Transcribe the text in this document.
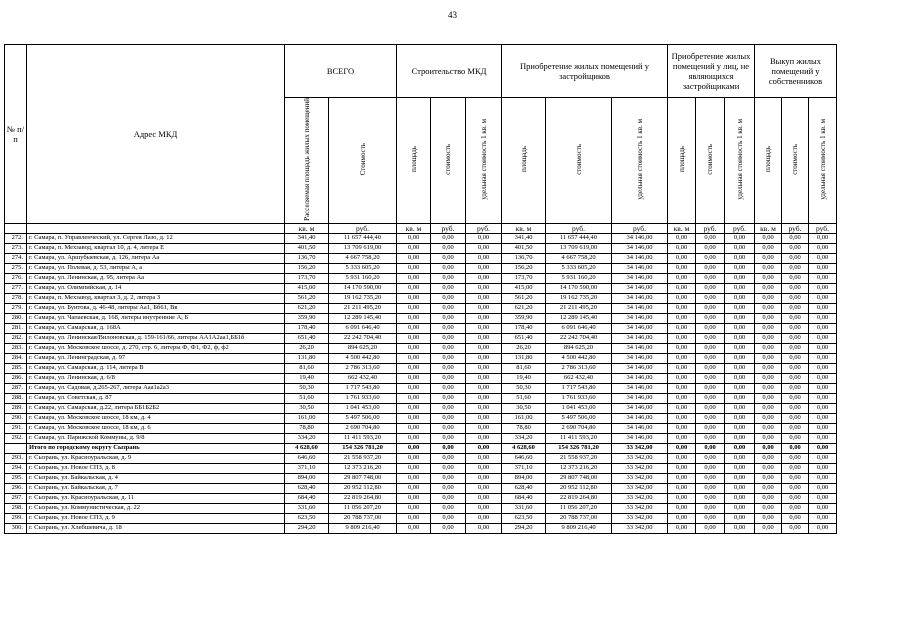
43
№ п/п	Адрес МКД	ВСЕГО		Строительство МКД			Приобретение жилых помещений у застройщиков			Приобретение жилых помещений у лиц, не являющихся застройщиками			Выкуп жилых помещений у собственников		
		Расселяемая площадь жилых помещений	Стоимость	площадь	стоимость	удельная стоимость 1 кв. м	площадь	стоимость	удельная стоимость 1 кв. м	площадь	стоимость	удельная стоимость 1 кв. м	площадь	стоимость	удельная стоимость 1 кв. м
		кв. м	руб.	кв. м	руб.	руб.	кв. м	руб.	руб.	кв. м	руб.	руб.	кв. м	руб.	руб.
272.	г. Самара, п. Управленческий, ул. Сергея Лазо, д. 12	341,40	11 657 444,40	0,00	0,00	0,00	341,40	11 657 444,40	34 146,00	0,00	0,00	0,00	0,00	0,00	0,00
273.	г. Самара, п. Мехзавод, квартал 10, д. 4, литера Е	401,50	13 709 619,00	0,00	0,00	0,00	401,50	13 709 619,00	34 146,00	0,00	0,00	0,00	0,00	0,00	0,00
274.	г. Самара, ул. Аршубыевская, д. 126, литера Аа	136,70	4 667 758,20	0,00	0,00	0,00	136,70	4 667 758,20	34 146,00	0,00	0,00	0,00	0,00	0,00	0,00
275.	г. Самара, ул. Полевая, д. 53, литеры А, а	156,20	5 333 605,20	0,00	0,00	0,00	156,20	5 333 605,20	34 146,00	0,00	0,00	0,00	0,00	0,00	0,00
276.	г. Самара, ул. Ленинская, д. 95, литера Аа	173,70	5 931 160,20	0,00	0,00	0,00	173,70	5 931 160,20	34 146,00	0,00	0,00	0,00	0,00	0,00	0,00
277.	г. Самара, ул. Олимпийская, д. 14	415,00	14 170 590,00	0,00	0,00	0,00	415,00	14 170 590,00	34 146,00	0,00	0,00	0,00	0,00	0,00	0,00
278.	г. Самара, п. Мехзавод, квартал 3, д. 2, литера З	561,20	19 162 735,20	0,00	0,00	0,00	561,20	19 162 735,20	34 146,00	0,00	0,00	0,00	0,00	0,00	0,00
279.	г. Самара, ул. Бунтова, д. 46-48, литеры Аа1, Бб61, Вв	621,20	21 211 495,20	0,00	0,00	0,00	621,20	21 211 495,20	34 146,00	0,00	0,00	0,00	0,00	0,00	0,00
280.	г. Самара, ул. Чапаевская, д. 168, литеры внутренние А, Б	359,90	12 289 145,40	0,00	0,00	0,00	359,90	12 289 145,40	34 146,00	0,00	0,00	0,00	0,00	0,00	0,00
281.	г. Самара, ул. Самарская, д. 168А	178,40	6 091 646,40	0,00	0,00	0,00	178,40	6 091 646,40	34 146,00	0,00	0,00	0,00	0,00	0,00	0,00
282.	г. Самара, ул. Ленинская/Вилоновская, д. 159-161/66, литеры АА1А2аа1,ББ1б	651,40	22 242 704,40	0,00	0,00	0,00	651,40	22 242 704,40	34 146,00	0,00	0,00	0,00	0,00	0,00	0,00
283.	г. Самара, ул. Московское шоссе, д. 270, стр. 6, литеры Ф, Ф1, Ф2, ф, ф2	26,20	894 625,20	0,00	0,00	0,00	26,20	894 625,20	34 146,00	0,00	0,00	0,00	0,00	0,00	0,00
284.	г. Самара, ул. Ленинградская, д. 97	131,80	4 500 442,80	0,00	0,00	0,00	131,80	4 500 442,80	34 146,00	0,00	0,00	0,00	0,00	0,00	0,00
285.	г. Самара, ул. Самарская, д. 114, литера В	81,60	2 786 313,60	0,00	0,00	0,00	81,60	2 786 313,60	34 146,00	0,00	0,00	0,00	0,00	0,00	0,00
286.	г. Самара, ул. Ленинская, д. 6/8	19,40	662 432,40	0,00	0,00	0,00	19,40	662 432,40	34 146,00	0,00	0,00	0,00	0,00	0,00	0,00
287.	г. Самара, ул. Садовая, д.265-267, литера Ааа1а2а3	50,30	1 717 543,80	0,00	0,00	0,00	50,30	1 717 543,80	34 146,00	0,00	0,00	0,00	0,00	0,00	0,00
288.	г. Самара, ул. Советская, д. 87	51,60	1 761 933,60	0,00	0,00	0,00	51,60	1 761 933,60	34 146,00	0,00	0,00	0,00	0,00	0,00	0,00
289.	г. Самара, ул. Самарская, д.22, литера ББ1Б2Б2	30,50	1 041 453,00	0,00	0,00	0,00	30,50	1 041 453,00	34 146,00	0,00	0,00	0,00	0,00	0,00	0,00
290.	г. Самара, ул. Московское шоссе, 18 км, д. 4	161,00	5 497 506,00	0,00	0,00	0,00	161,00	5 497 506,00	34 146,00	0,00	0,00	0,00	0,00	0,00	0,00
291.	г. Самара, ул. Московское шоссе, 18 км, д. 6	78,80	2 690 704,80	0,00	0,00	0,00	78,80	2 690 704,80	34 146,00	0,00	0,00	0,00	0,00	0,00	0,00
292.	г. Самара, ул. Парижской Коммуны, д. 9/8	334,20	11 411 593,20	0,00	0,00	0,00	334,20	11 411 593,20	34 146,00	0,00	0,00	0,00	0,00	0,00	0,00
	Итого по городскому округу Сызрань	4 628,60	154 326 781,20	0,00	0,00	0,00	4 628,60	154 326 781,20	33 342,00	0,00	0,00	0,00	0,00	0,00	0,00
293.	г. Сызрань, ул. Красноуральская, д. 9	646,60	21 558 937,20	0,00	0,00	0,00	646,60	21 558 937,20	33 342,00	0,00	0,00	0,00	0,00	0,00	0,00
294.	г. Сызрань, ул. Новое СПЗ, д. 8	371,10	12 373 216,20	0,00	0,00	0,00	371,10	12 373 216,20	33 342,00	0,00	0,00	0,00	0,00	0,00	0,00
295.	г. Сызрань, ул. Байкальская, д. 4	894,00	29 807 748,00	0,00	0,00	0,00	894,00	29 807 748,00	33 342,00	0,00	0,00	0,00	0,00	0,00	0,00
296.	г. Сызрань, ул. Байкальская, д. 7	628,40	20 952 112,80	0,00	0,00	0,00	628,40	20 952 112,80	33 342,00	0,00	0,00	0,00	0,00	0,00	0,00
297.	г. Сызрань, ул. Красноуральская, д. 11	684,40	22 819 264,80	0,00	0,00	0,00	684,40	22 819 264,80	33 342,00	0,00	0,00	0,00	0,00	0,00	0,00
298.	г. Сызрань, ул. Коммунистическая, д. 22	331,60	11 056 207,20	0,00	0,00	0,00	331,60	11 056 207,20	33 342,00	0,00	0,00	0,00	0,00	0,00	0,00
299.	г. Сызрань, ул. Новое СПЗ, д. 9	623,50	20 788 737,00	0,00	0,00	0,00	623,50	20 788 737,00	33 342,00	0,00	0,00	0,00	0,00	0,00	0,00
300.	г. Сызрань, ул. Хлебшевича, д. 18	294,20	9 809 216,40	0,00	0,00	0,00	294,20	9 809 216,40	33 342,00	0,00	0,00	0,00	0,00	0,00	0,00
